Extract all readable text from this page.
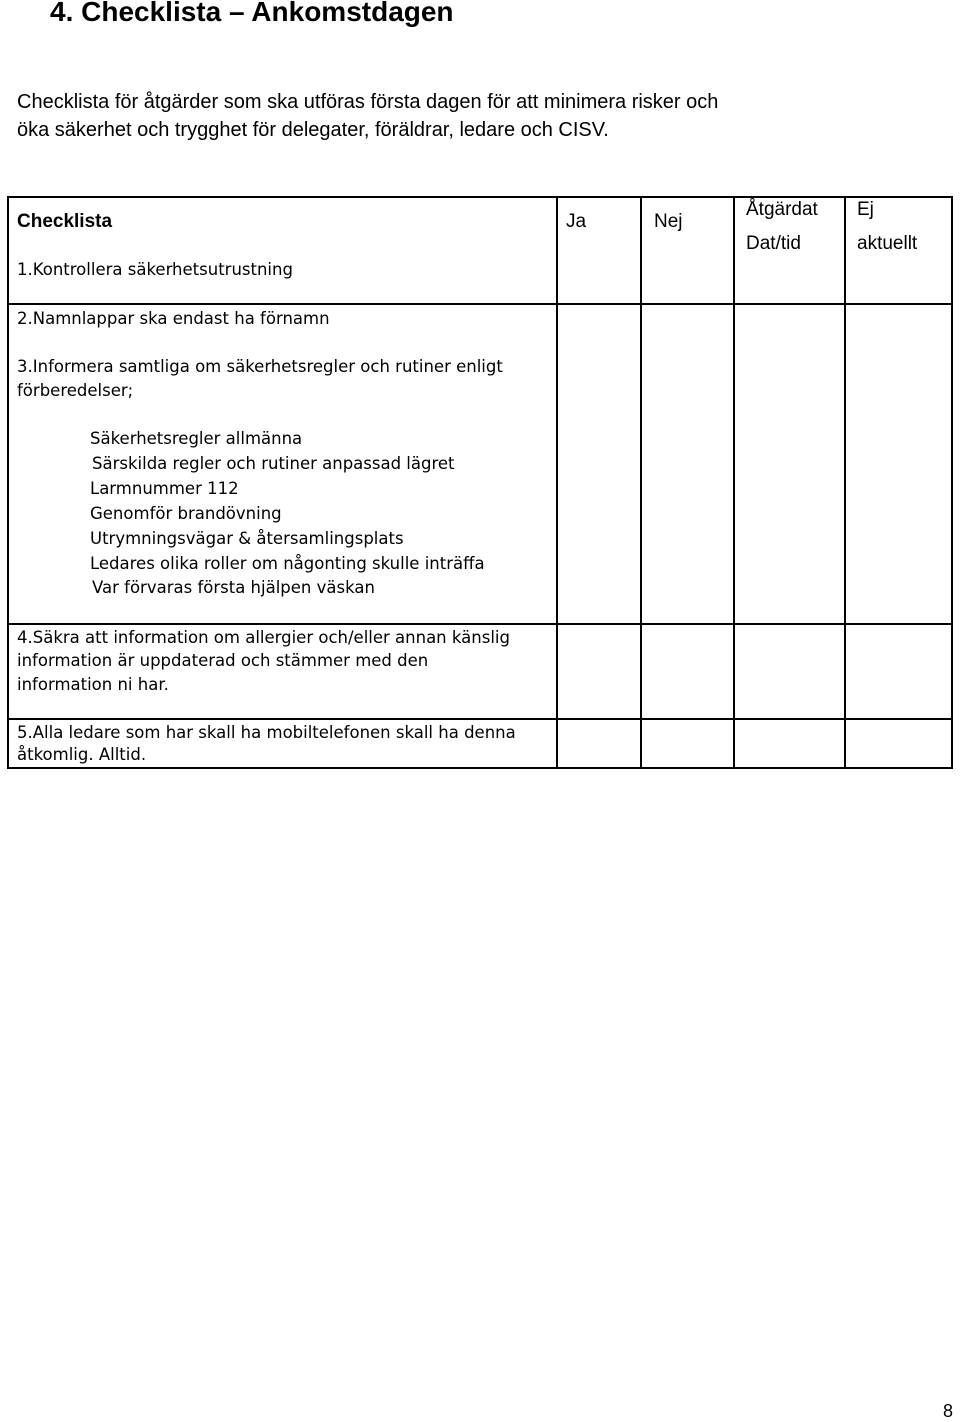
4. Checklista – Ankomstdagen
Checklista för åtgärder som ska utföras första dagen för att minimera risker och
öka säkerhet och trygghet för delegater, föräldrar, ledare och CISV.
Checklista	Ja	Nej
Åtgärdat
Dat/tid
Ej
aktuellt
1.Kontrollera säkerhetsutrustning
2.Namnlappar ska endast ha förnamn
3.Informera samtliga om säkerhetsregler och rutiner enligt
förberedelser;
Säkerhetsregler allmänna
Särskilda regler och rutiner anpassad lägret
Larmnummer 112
Genomför brandövning
Utrymningsvägar & återsamlingsplats
Ledares olika roller om någonting skulle inträffa
Var förvaras första hjälpen väskan
4.Säkra att information om allergier och/eller annan känslig
information är uppdaterad och stämmer med den
information ni har.
5.Alla ledare som har skall ha mobiltelefonen skall ha denna
åtkomlig. Alltid.
8
